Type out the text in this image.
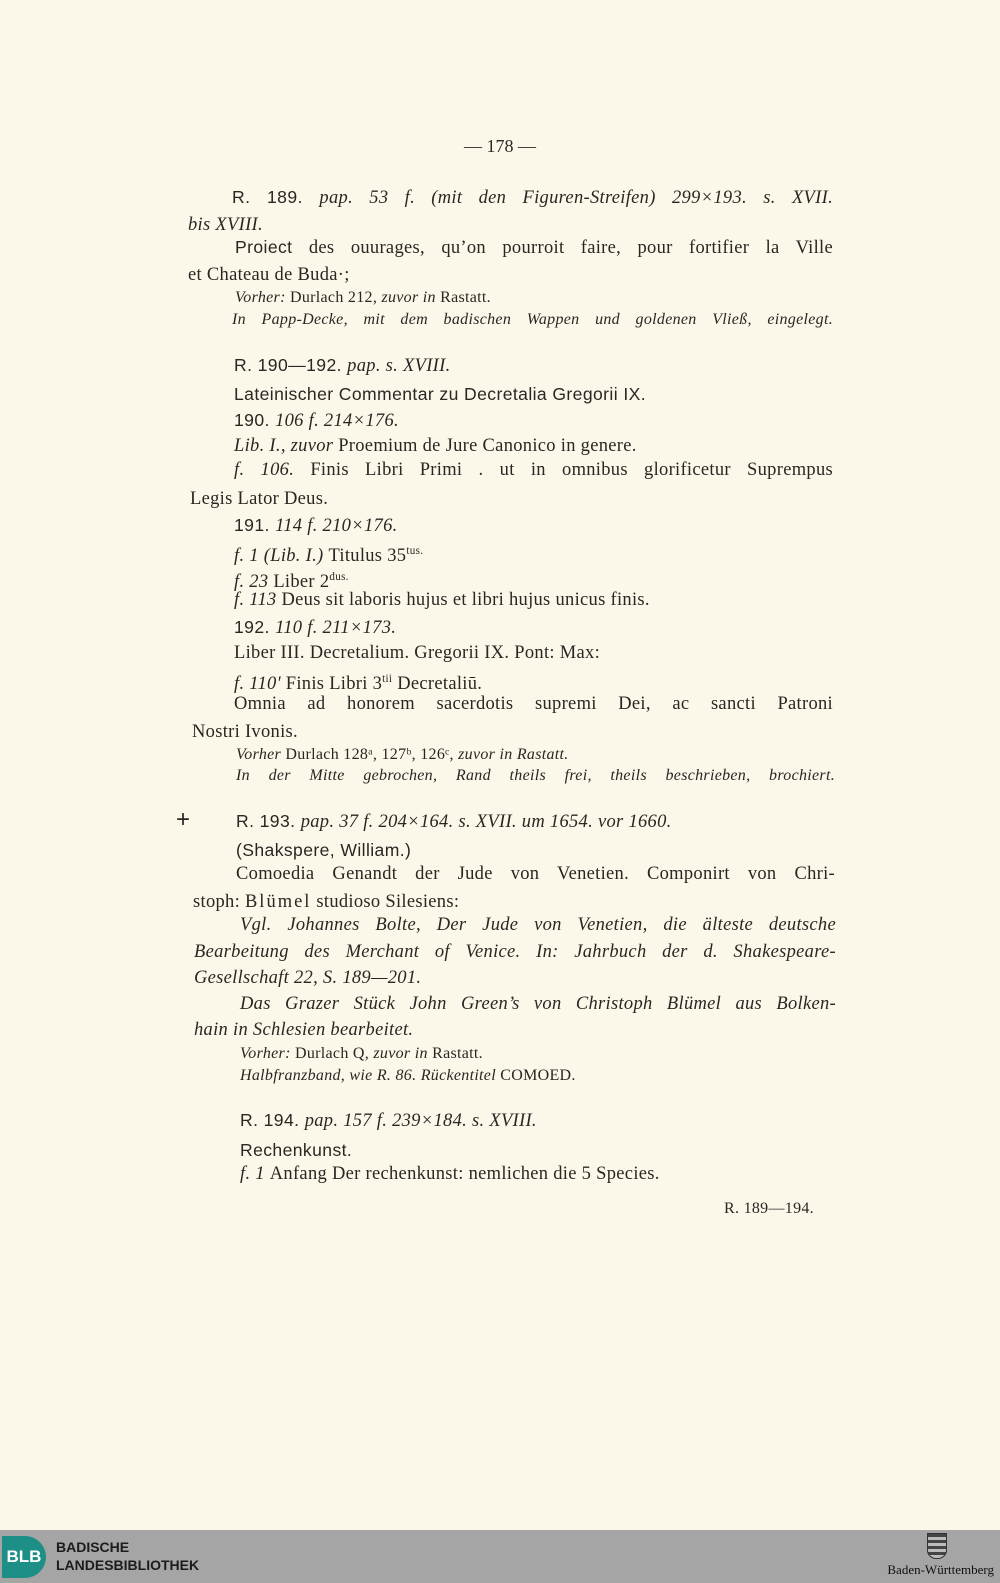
— 178 —
+
R. 189. pap. 53 f. (mit den Figuren-Streifen) 299×193. s. XVII.
bis XVIII.
Proiect des ouurages, qu’on pourroit faire, pour fortifier la Ville
et Chateau de Buda·;
Vorher: Durlach 212, zuvor in Rastatt.
In Papp-Decke, mit dem badischen Wappen und goldenen Vließ, eingelegt.
R. 190—192. pap. s. XVIII.
Lateinischer Commentar zu Decretalia Gregorii IX.
190. 106 f. 214×176.
Lib. I., zuvor Proemium de Jure Canonico in genere.
f. 106. Finis Libri Primi . ut in omnibus glorificetur Suprempus
Legis Lator Deus.
191. 114 f. 210×176.
f. 1 (Lib. I.) Titulus $35^{tus.}$
f. 23 Liber $2^{dus.}$
f. 113 Deus sit laboris hujus et libri hujus unicus finis.
192. 110 f. 211×173.
Liber III. Decretalium. Gregorii IX. Pont: Max:
f. 110' Finis Libri $3^{tii}$ Decretaliū.
Omnia ad honorem sacerdotis supremi Dei, ac sancti Patroni
Nostri Ivonis.
Vorher Durlach 128ᵃ, 127ᵇ, 126ᶜ, zuvor in Rastatt.
In der Mitte gebrochen, Rand theils frei, theils beschrieben, brochiert.
R. 193. pap. 37 f. 204×164. s. XVII. um 1654. vor 1660.
(Shakspere, William.)
Comoedia Genandt der Jude von Venetien. Componirt von Chri-
stoph: Blümel studioso Silesiens:
Vgl. Johannes Bolte, Der Jude von Venetien, die älteste deutsche
Bearbeitung des Merchant of Venice. In: Jahrbuch der d. Shakespeare-
Gesellschaft 22, S. 189—201.
Das Grazer Stück John Green’s von Christoph Blümel aus Bolken-
hain in Schlesien bearbeitet.
Vorher: Durlach Q, zuvor in Rastatt.
Halbfranzband, wie R. 86. Rückentitel COMOED.
R. 194. pap. 157 f. 239×184. s. XVIII.
Rechenkunst.
f. 1 Anfang Der rechenkunst: nemlichen die 5 Species.
R. 189—194.
BLB	BADISCHE
LANDESBIBLIOTHEK	Baden-Württemberg
